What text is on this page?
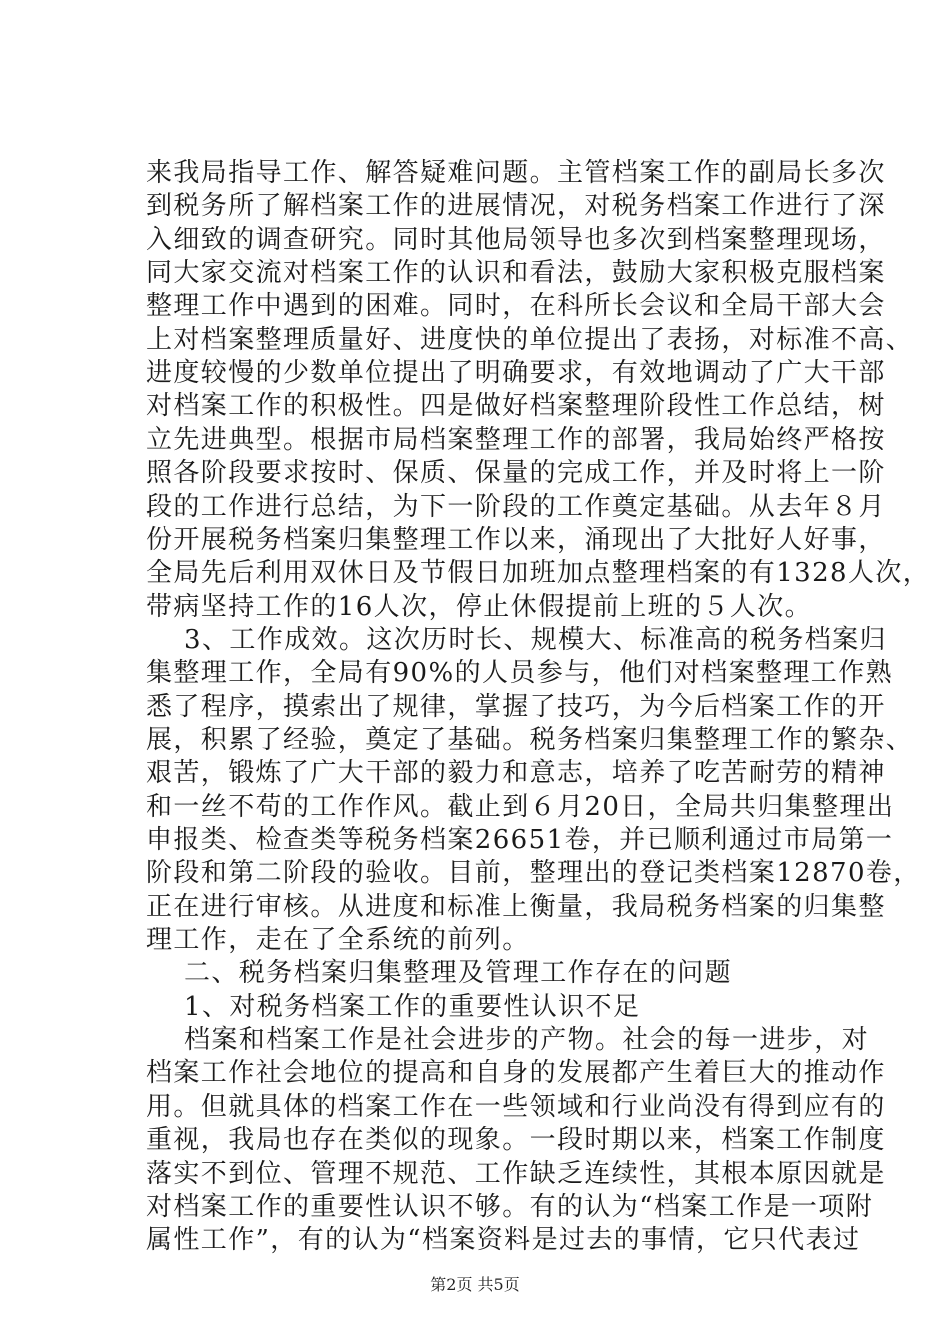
来我局指导工作、解答疑难问题。主管档案工作的副局长多次
到税务所了解档案工作的进展情况，对税务档案工作进行了深
入细致的调查研究。同时其他局领导也多次到档案整理现场，
同大家交流对档案工作的认识和看法，鼓励大家积极克服档案
整理工作中遇到的困难。同时，在科所长会议和全局干部大会
上对档案整理质量好、进度快的单位提出了表扬，对标准不高、
进度较慢的少数单位提出了明确要求，有效地调动了广大干部
对档案工作的积极性。四是做好档案整理阶段性工作总结，树
立先进典型。根据市局档案整理工作的部署，我局始终严格按
照各阶段要求按时、保质、保量的完成工作，并及时将上一阶
段的工作进行总结，为下一阶段的工作奠定基础。从去年８月
份开展税务档案归集整理工作以来，涌现出了大批好人好事，
全局先后利用双休日及节假日加班加点整理档案的有1328人次，
带病坚持工作的16人次，停止休假提前上班的５人次。
3、工作成效。这次历时长、规模大、标准高的税务档案归
集整理工作，全局有90%的人员参与，他们对档案整理工作熟
悉了程序，摸索出了规律，掌握了技巧，为今后档案工作的开
展，积累了经验，奠定了基础。税务档案归集整理工作的繁杂、
艰苦，锻炼了广大干部的毅力和意志，培养了吃苦耐劳的精神
和一丝不苟的工作作风。截止到６月20日，全局共归集整理出
申报类、检查类等税务档案26651卷，并已顺利通过市局第一
阶段和第二阶段的验收。目前，整理出的登记类档案12870卷，
正在进行审核。从进度和标准上衡量，我局税务档案的归集整
理工作，走在了全系统的前列。
二、税务档案归集整理及管理工作存在的问题
1、对税务档案工作的重要性认识不足
档案和档案工作是社会进步的产物。社会的每一进步，对
档案工作社会地位的提高和自身的发展都产生着巨大的推动作
用。但就具体的档案工作在一些领域和行业尚没有得到应有的
重视，我局也存在类似的现象。一段时期以来，档案工作制度
落实不到位、管理不规范、工作缺乏连续性，其根本原因就是
对档案工作的重要性认识不够。有的认为“档案工作是一项附
属性工作”，有的认为“档案资料是过去的事情，它只代表过
第2页 共5页
